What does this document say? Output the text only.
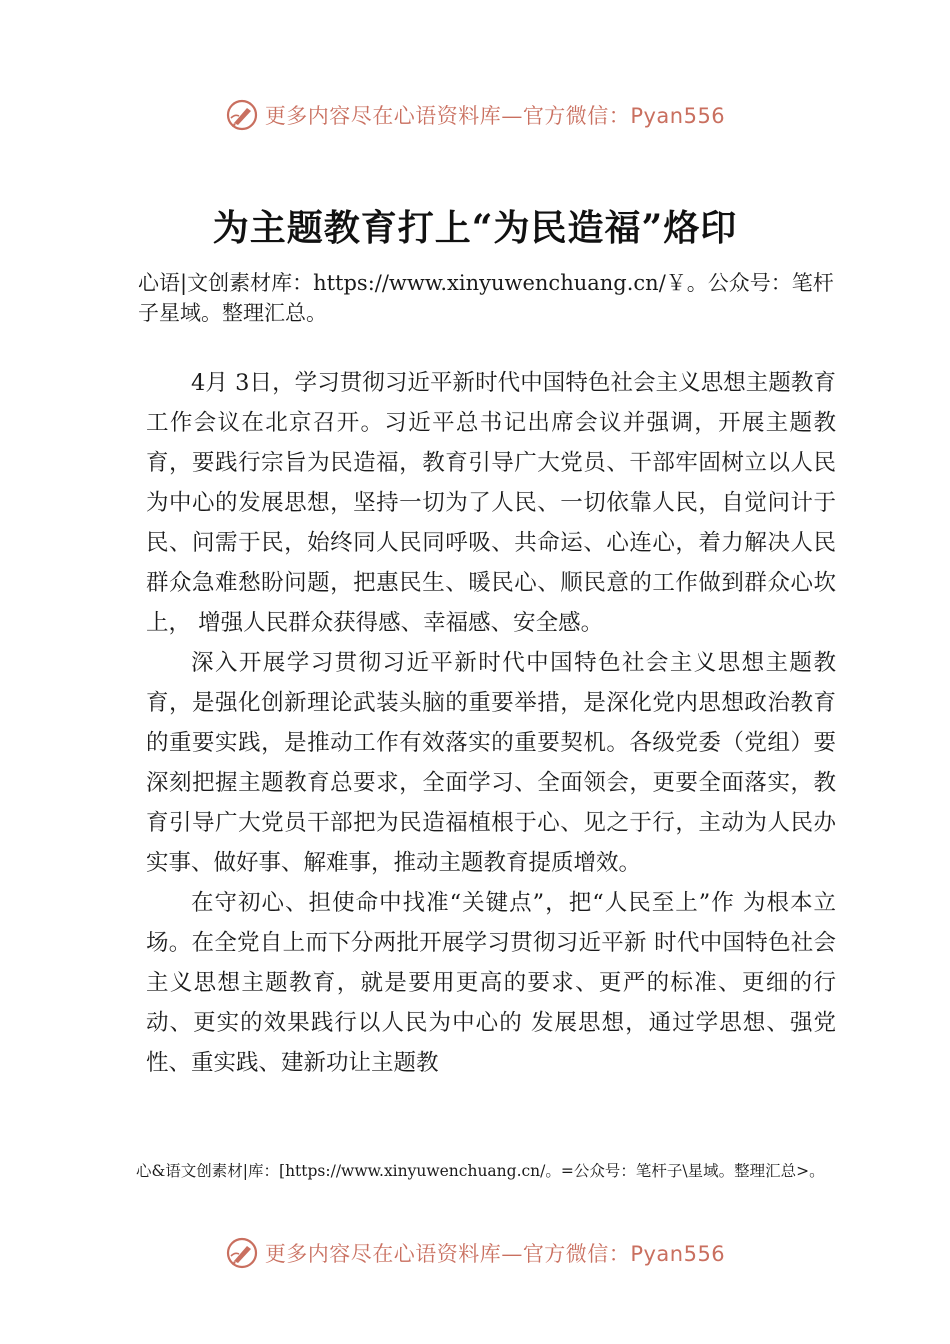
更多内容尽在心语资料库—官方微信：Pyan556
为主题教育打上“为民造福”烙印
心语|文创素材库：https://www.xinyuwenchuang.cn/￥。公众号：笔杆子星域。整理汇总。

4月 3日，学习贯彻习近平新时代中国特色社会主义思想主题教育工作会议在北京召开。习近平总书记出席会议并强调，开展主题教育，要践行宗旨为民造福，教育引导广大党员、干部牢固树立以人民为中心的发展思想，坚持一切为了人民、一切依靠人民，自觉问计于民、问需于民，始终同人民同呼吸、共命运、心连心，着力解决人民群众急难愁盼问题，把惠民生、暖民心、顺民意的工作做到群众心坎上， 增强人民群众获得感、幸福感、安全感。

深入开展学习贯彻习近平新时代中国特色社会主义思想主题教育，是强化创新理论武装头脑的重要举措，是深化党内思想政治教育的重要实践，是推动工作有效落实的重要契机。各级党委（党组）要深刻把握主题教育总要求，全面学习、全面领会，更要全面落实，教育引导广大党员干部把为民造福植根于心、见之于行，主动为人民办实事、做好事、解难事，推动主题教育提质增效。

在守初心、担使命中找准“关键点”，把“人民至上”作 为根本立场。在全党自上而下分两批开展学习贯彻习近平新 时代中国特色社会主义思想主题教育，就是要用更高的要求、更严的标准、更细的行动、更实的效果践行以人民为中心的 发展思想，通过学思想、强党性、重实践、建新功让主题教

心&语文创素材|库：[https://www.xinyuwenchuang.cn/。=公众号：笔杆子\星域。整理汇总>。
更多内容尽在心语资料库—官方微信：Pyan556
